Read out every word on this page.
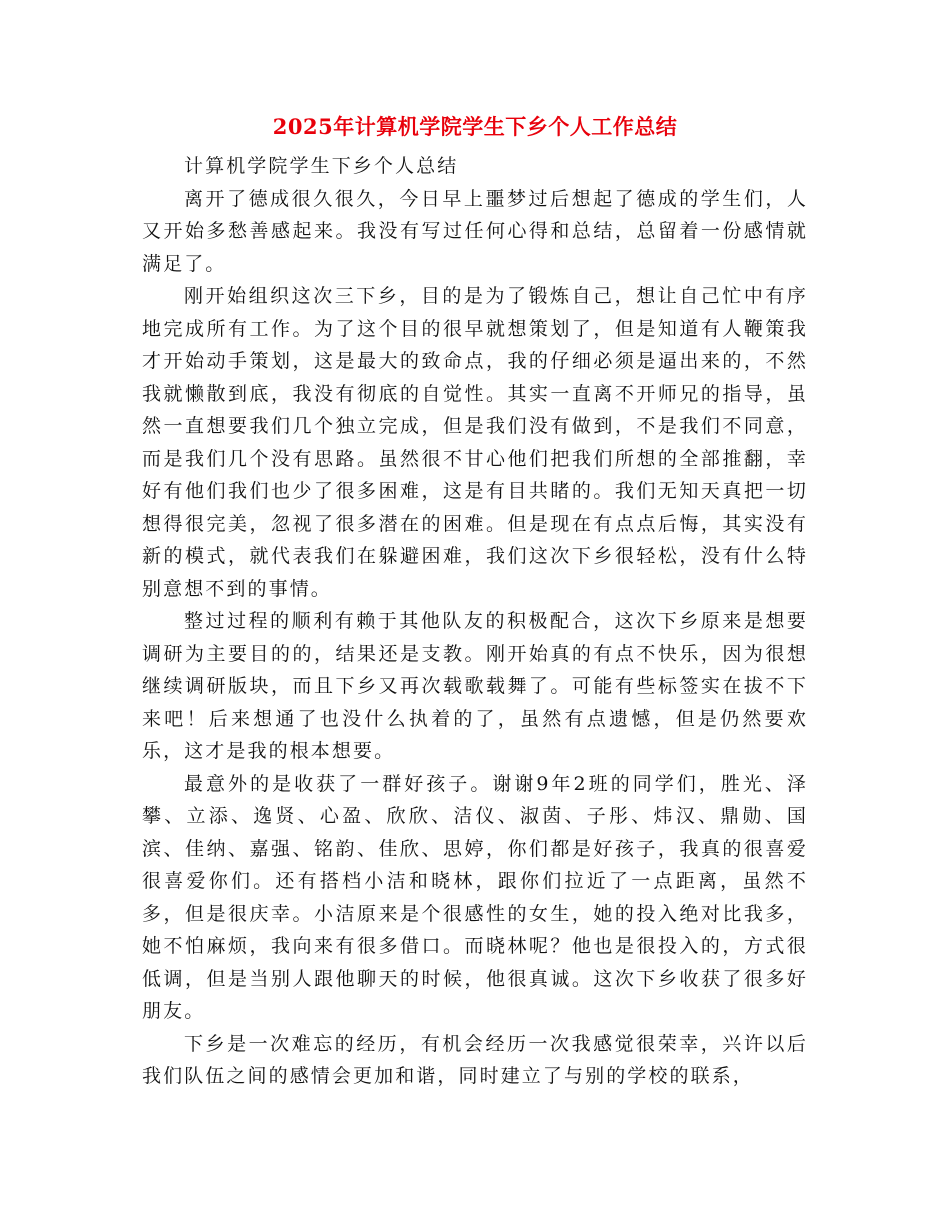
2025年计算机学院学生下乡个人工作总结

计算机学院学生下乡个人总结

离开了德成很久很久，今日早上噩梦过后想起了德成的学生们，人又开始多愁善感起来。我没有写过任何心得和总结，总留着一份感情就满足了。

刚开始组织这次三下乡，目的是为了锻炼自己，想让自己忙中有序地完成所有工作。为了这个目的很早就想策划了，但是知道有人鞭策我才开始动手策划，这是最大的致命点，我的仔细必须是逼出来的，不然我就懒散到底，我没有彻底的自觉性。其实一直离不开师兄的指导，虽然一直想要我们几个独立完成，但是我们没有做到，不是我们不同意，而是我们几个没有思路。虽然很不甘心他们把我们所想的全部推翻，幸好有他们我们也少了很多困难，这是有目共睹的。我们无知天真把一切想得很完美，忽视了很多潜在的困难。但是现在有点点后悔，其实没有新的模式，就代表我们在躲避困难，我们这次下乡很轻松，没有什么特别意想不到的事情。

整过过程的顺利有赖于其他队友的积极配合，这次下乡原来是想要调研为主要目的的，结果还是支教。刚开始真的有点不快乐，因为很想继续调研版块，而且下乡又再次载歌载舞了。可能有些标签实在拔不下来吧！后来想通了也没什么执着的了，虽然有点遗憾，但是仍然要欢乐，这才是我的根本想要。

最意外的是收获了一群好孩子。谢谢9年2班的同学们，胜光、泽攀、立添、逸贤、心盈、欣欣、洁仪、淑茵、子彤、炜汉、鼎勋、国滨、佳纳、嘉强、铭韵、佳欣、思婷，你们都是好孩子，我真的很喜爱很喜爱你们。还有搭档小洁和晓林，跟你们拉近了一点距离，虽然不多，但是很庆幸。小洁原来是个很感性的女生，她的投入绝对比我多，她不怕麻烦，我向来有很多借口。而晓林呢？他也是很投入的，方式很低调，但是当别人跟他聊天的时候，他很真诚。这次下乡收获了很多好朋友。

下乡是一次难忘的经历，有机会经历一次我感觉很荣幸，兴许以后我们队伍之间的感情会更加和谐，同时建立了与别的学校的联系，
